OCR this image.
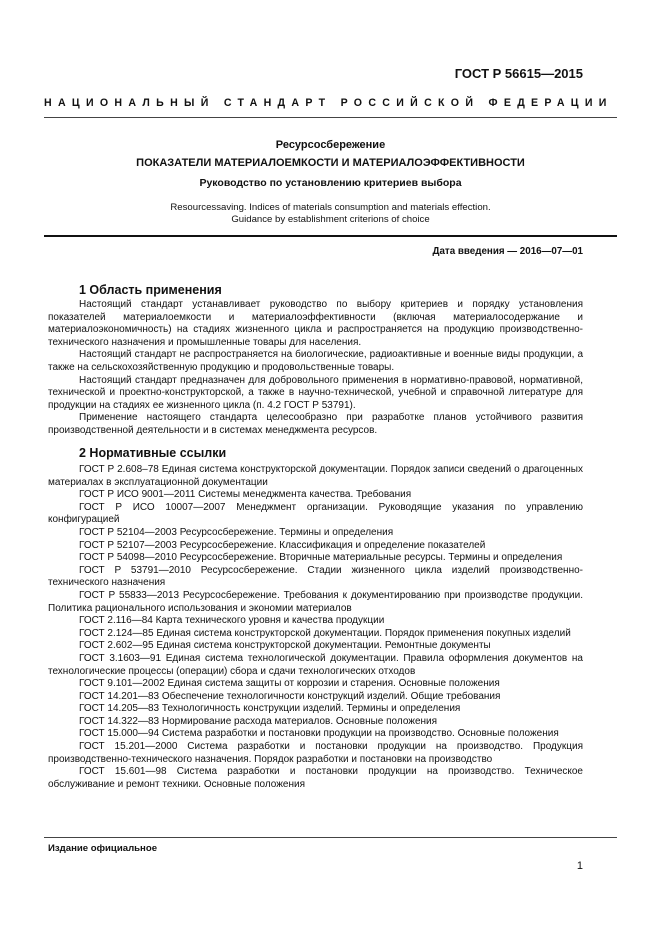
ГОСТ Р 56615—2015
НАЦИОНАЛЬНЫЙ СТАНДАРТ РОССИЙСКОЙ ФЕДЕРАЦИИ
Ресурсосбережение
ПОКАЗАТЕЛИ МАТЕРИАЛОЕМКОСТИ И МАТЕРИАЛОЭФФЕКТИВНОСТИ
Руководство по установлению критериев выбора
Resourcessaving. Indices of materials consumption and materials effection.
Guidance by establishment criterions of choice
Дата введения — 2016—07—01
1 Область применения

Настоящий стандарт устанавливает руководство по выбору критериев и порядку установления показателей материалоемкости и материалоэффективности (включая материалосодержание и материалоэкономичность) на стадиях жизненного цикла и распространяется на продукцию производственно-технического назначения и промышленные товары для населения.

Настоящий стандарт не распространяется на биологические, радиоактивные и военные виды продукции, а также на сельскохозяйственную продукцию и продовольственные товары.

Настоящий стандарт предназначен для добровольного применения в нормативно-правовой, нормативной, технической и проектно-конструкторской, а также в научно-технической, учебной и справочной литературе для продукции на стадиях ее жизненного цикла (п. 4.2 ГОСТ Р 53791).

Применение настоящего стандарта целесообразно при разработке планов устойчивого развития производственной деятельности и в системах менеджмента ресурсов.

2 Нормативные ссылки

ГОСТ Р 2.608–78 Единая система конструкторской документации. Порядок записи сведений о драгоценных материалах в эксплуатационной документации

ГОСТ Р ИСО 9001—2011 Системы менеджмента качества. Требования

ГОСТ Р ИСО 10007—2007 Менеджмент организации. Руководящие указания по управлению конфигурацией

ГОСТ Р 52104—2003 Ресурсосбережение. Термины и определения

ГОСТ Р 52107—2003 Ресурсосбережение. Классификация и определение показателей

ГОСТ Р 54098—2010 Ресурсосбережение. Вторичные материальные ресурсы. Термины и определения

ГОСТ Р 53791—2010 Ресурсосбережение. Стадии жизненного цикла изделий производственно-технического назначения

ГОСТ Р 55833—2013 Ресурсосбережение. Требования к документированию при производстве продукции. Политика рационального использования и экономии материалов

ГОСТ 2.116—84 Карта технического уровня и качества продукции

ГОСТ 2.124—85 Единая система конструкторской документации. Порядок применения покупных изделий

ГОСТ 2.602—95 Единая система конструкторской документации. Ремонтные документы

ГОСТ 3.1603—91 Единая система технологической документации. Правила оформления документов на технологические процессы (операции) сбора и сдачи технологических отходов

ГОСТ 9.101—2002 Единая система защиты от коррозии и старения. Основные положения

ГОСТ 14.201—83 Обеспечение технологичности конструкций изделий. Общие требования

ГОСТ 14.205—83 Технологичность конструкции изделий. Термины и определения

ГОСТ 14.322—83 Нормирование расхода материалов. Основные положения

ГОСТ 15.000—94 Система разработки и постановки продукции на производство. Основные положения

ГОСТ 15.201—2000 Система разработки и постановки продукции на производство. Продукция производственно-технического назначения. Порядок разработки и постановки на производство

ГОСТ 15.601—98 Система разработки и постановки продукции на производство. Техническое обслуживание и ремонт техники. Основные положения

Издание официальное
1
